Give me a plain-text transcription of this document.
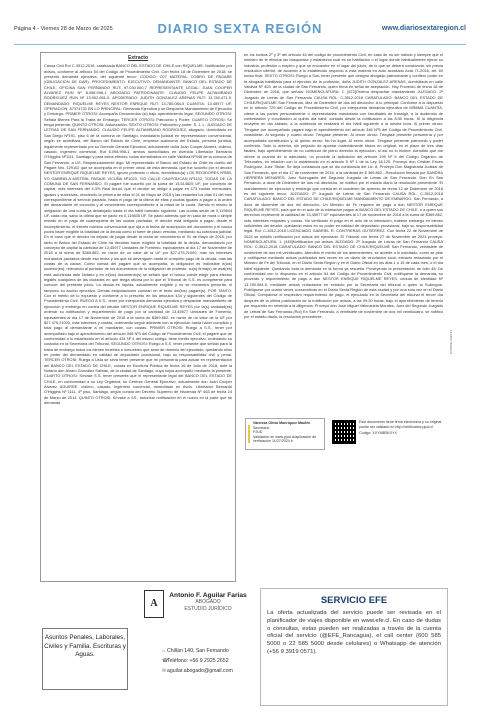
Página 4 - Viernes 28 de Marzo de 2025	DIARIO SEXTA REGIÓN	www.diariosextaregion.cl
Extracto

Causa Civil Rol C-3512-2018, caratulada BANCO DEL ESTADO DE CHILE con RIQUELME. Notificación por avisos, conforme al artículo 54 del Código de Procedimiento Civil. Con fecha 18 de Diciembre de 2018, se presentó demanda ejecutiva, del siguiente tenor: CODIGO: C07 MATERIA: COBRO DE PAGARE (OBLIGACION DE DAR). PROCEDIMIENTO: EJECUTIVO. DEMANDANTE: BANCO DEL ESTADO DE CHILE. OFICINA SAN FERNANDO RUT: 97.030.000-7 REPRESENTANTE LEGAL: JUAN COOPER ALVAREZ RUN Nº 8.098.998-1 ABOGADO PATROCINANTE: CLAUDIO FELIPE ALTAMIRANO RODRIGUEZ RUN Nº 13.902.651-0. APODERADO: JUDITH GONZALEZ ARENAS RUT: 13.780.471-9. DEMANDADO: RIQUELME REYES NESTOR ENRIQUE RUT: 13.780.084-5 CUANTIA: 13.45977 UF. OPERACION: 87374732 EN LO PRINCIPAL: Demanda Ejecutiva y se Despache Mandamiento de Ejecución y Embargo; PRIMER OTROSI: Acompaña Documentos (si) bajo apercibimiento legal; SEGUNDO OTROSI: Señala Bienes Para la Traba de Embargo; TERCER OTROSI: Patrocinio y Poder; CUARTO OTROSI: Se tenga presente; QUINTO OTROSI: Autorización. SEXTO OTROSI: Patrocinio y poder. S. J. L. JUZGADO DE LETRAS DE SAN FERNANDO. CLAUDIO FELIPE ALTAMIRANO RODRIGUEZ, abogado, domiciliado en San Diego Nº191, piso 6 de la comuna de Santiago, mandatario judicial en representación convencional, según se acreditará, del Banco del Estado de Chile, empresa autónoma del Estado, persona jurídica, legalmente representado por su Gerente General Ejecutivo, actualmente doña Juan Cooper Alvarez, chileno, casado, ingeniero comercial, Rut 8.098.998-1, ambos domiciliados en Avenida Libertador Bernardo O'Higgins Nº1111, Santiago y para estos efectos, todos domiciliados en calle Valdivia Nº446 de la comuna de San Fernando, a US. Respetuosamente digo: Mi representado el Banco del Estado de Chile es dueño del Pagaré Nro. 129102 que se acompaña en el primer otrosí de esta demanda, que fue suscrito por el deudor NESTOR ENRIQUE RIQUELME REYES, ignoro profesión u oficio, domiciliado(a) LOS REGIDORES Nº880, VO GABRIELA MISTRAL PASAJE VICUÑA Nº1020, Y/O CALLE CAUPOLICAN Nº1102, TODAS DE LA COMUNA DE SAN FERNANDO. El pagaré fue suscrito por la suma de 15,514825 UF, por concepto de capital, más intereses del 4,3% Real Anual, que el deudor se obligó a pagar en 173 cuotas mensuales, iguales y sucesivas, venciendo la primera de ellas el 01 de Mayo de 2015 y las restantes los días 01 del mes correspondiente al servicio pactado, hasta el pago de la última de ellas y cuotas iguales a pagar a la orden del demandante mi conocido y al vencimiento correspondiente a la mitad de la cuota. Siendo el mismo la obligación de una cuota ya desalojado hasta el día hábil bancario siguiente. Las cuotas serán de 0,119844 UF, cada una, salvo la última que se pactó en 0,119835 UF. Se pactó además que en caso de mora o simple retardo en el pago de cualesquiera de las cuotas pactadas, el deudor está obligado a pagar, desde el incumplimiento, el interés máximo convencional que rija a la fecha de suscripción del documento y el banco podrá hacer exigible la totalidad de la deuda como si fuere de plazo vencido, mediando su cobranza judicial. En el caso que el deudor ha dejado de pagar desde la cuota de vencimiento el 01 de Mayo de 2018, por tanto el Banco del Estado de Chile ha decidido hacer exigible la totalidad de la deuda, demandando por concepto de capital la cantidad de 13,45977 Unidades de Fomento, equivalentes al día 17 de Noviembre de 2018 a la suma de $369.862, en razón de un valor de la UF por $27.475,21000, más los intereses moratorios pactados desde esa fecha y los que se devenguen hasta el completo pago de la deuda, más las costas de la causa. Como consta del pagaré que se acompaña, la obligación es indivisible e(los) sucesor(es), relevando al portador de los documentos de la obligación de protesto, su(s) firma(s) de aval(es) está autorizada ante Notario y en el(los) documento(s) se señaló que el banco puede elegir para efectos legales cualquiera de las ciudades en que tenga oficina por lo que el Tribunal de S.S. es competente para conocer del presente juicio. La deuda es líquida, actualmente exigible y no se encuentra prescrita, ni tampoco su acción ejecutiva. Demás estipulaciones constan en el texto del(los) pagaré(s). POR TANTO: Con el mérito de lo expuesto y conforme a lo prescrito en los artículos 434 y siguientes del Código de Procedimiento Civil. RUEGO A S.S., tener por interpuesta demanda ejecutiva y despachar mandamiento de ejecución y embargo en contra del deudor NESTOR ENRIQUE RIQUELME REYES por la(s) cantidad(es) ordenar su notificación y requerimiento de pago por la cantidad de 13,45977 Unidades de Fomento, equivalentes al día 17 de Noviembre de 2018 a la suma de $369.862, en razón de un valor de la UF por $27.475,21000, más intereses y costas, ordenando seguir adelante con la ejecución hasta hacer cumplido y total pago al demandante a mi mandante, con costas. PRIMER OTROSI: Ruego a S.S., tener por acompañado bajo el apercibimiento del artículo 346 Nº3 del Código de Procedimiento Civil, el pagaré que de conformidad a lo establecido en el artículo 434 Nº 4 del mismo código; tiene mérito ejecutivo, ordenando su custodia en la Secretaría del Tribunal. SEGUNDO OTROSI: Ruego a S.S. tener presente que señalo para la traba de embargo todos los bienes muebles e inmuebles que sean de dominio del ejecutado, quedando ellos en poder del demandado en calidad de depositario provisional, bajo su responsabilidad civil y penal. TERCER OTROSI: Ruego a Usía se sirva tener presente que mi personería para actuar en representación del BANCO DEL ESTADO DE CHILE, consta en Escritura Pública de fecha 16 de Julio de 2018, ante la Notaría don Álvaro González Salinas, de la ciudad de Santiago, cuya copia acompaño mediante la presente. CUARTO OTROSI: Sírvase S.S. tener presente que el representante legal del BANCO DEL ESTADO DE CHILE, en conformidad a su Ley Orgánica, su Gerente General Ejecutivo, actualmente don Juan Cooper Álvarez AGUIRRE, chileno, casado, Ingeniero comercial, domiciliado en Avda. Libertador Bernardo O'Higgins Nº 1111, 4º piso, Santiago, según consta del Decreto Supremo de Hacienda Nº 463 de fecha 24 de Marzo de 2014. QUINTO OTROSI: Sírvase a SS., autorizar notificación en el nuevo en la parte que se demanda

en los incisos 2º y 3º del artículo 44 del código de procedimiento Civil, en caso de no ser habido y siempre que el ministro de fe efectúe las búsquedas y establezca cuál es su habitación o el lugar donde habitualmente ejerce su industria, profesión o empleo y que se encuentre en el lugar del juicio; de lo que se deberá constancia, sin previa resolución ulterior, de acuerdo a lo establecido respecto a esta materia en auto acordado Acta 71-2016, art. 60 inciso final. SEXTO OTROSI: Ruego a Sus, tener presente que designo abogado patrocinante y confiero poder en la abogada habilitada para el ejercicio de la profesión, doña JUDITH GONZALEZ ARENAS, domiciliada en calle Valdivia Nº 403, de la ciudad de San Fernando, quien firma en señal de aceptación. Hay Proveído de fecha 18 de Diciembre de 2018, que señala: NOMENCLATURA: 1. [672]Ordena despachar mandamiento JUZGADO: 2º Juzgado de Letras de San Fernando CAUSA ROL: C-3512-2018 CARATULADO: BANCO DEL ESTADO DE CHILE/RIQUELME San Fernando, diez de Diciembre de dos mil dieciocho. A lo principal: Conforme a lo dispuesto en el artículo 729 del Código de Procedimiento Civil, por interpuesta demanda ejecutiva de MÍNIMA CUANTÍA, citese a las partes personalmente o representadas mandatario con facultades de transigir, a la audiencia de contestación y conciliación al quinto día hábil, contado desde la notificación a las 8:30 horas. Si la diligencia recayere en día sábado, a la audiencia se realizará el día hábil siguiente a la misma hora. Al primer otrosí: Téngase por acompañado pagaré bajo el apercibimiento del artículo 346 Nº3 del Código de Procedimiento Civil, custódiese. Al segundo y cuarto otrosí: Téngase presente. Al tercer otrosí: Téngase presente personería y por acompañada constitución y, Al quinto otrosí: No ha lugar. Al sexto otrosí: Téngase presente patrocinio y poder conferido. Todo lo anterior, sin perjuicio de apuntar materialmente títulos en original, en el plazo de tres días fatales, bajo apercibimiento de no continuar de pleno derecho la ejecución, si así no lo hiciere. Atendido que me ofrece la cuantía de lo adeudado, no procede la aplicación del artículo 199 Nº 5 del Código Orgánico de Tribunales, en relación con lo establecido en el artículo 5 Nº 1 de la Ley 18.120. Proveyó don Cristian Erices Rodríguez, Juez Titular. Se deja constancia que se dio constancia del Lic. 8, Proveyó Don Magistrada Judicial de San Fernando, que el día 17 de noviembre de 2018, a la cantidad de $ 369.862.- Resolución firmada por SANDRA HERRERA MENARES, Juez Subrogante del Segundo Juzgado de Letras de San Fernando. Don En San Fernando, a doce de Diciembre de dos mil dieciocho, se notificó por el estado diario la resolución precedente. El mandamiento de ejecución y embargo que consta en el cuaderno de apremio de fecha 12 de Diciembre de 2018 es del siguiente tenor: JUZGADO: 2º Juzgado de Letras de San Fernando CAUSA ROL: C-3512-2018 CARATULADO: BANCO DEL ESTADO DE CHILE/RIQUELME MANDAMIENTO DE EMBARGO. San Fernando, a doce de diciembre de dos mil dieciocho. Un Ministro de Fe requiera de pago a don NESTOR ENRIQUE RIQUELME REYES, para que en el acto de la intimación pague al BANCO DEL ESTADO DE CHILE, o a quien sus derechos represente la cantidad de 13,45977 UF equivalentes al 17 de noviembre de 2018 a la suma de $369.862, más intereses reajustes y costas. No verificado el pago en el acto de la intimación, trábese embargo en bienes suficientes del deudor, quedando estos en su poder en calidad de depositario provisional, bajo su responsabilidad legal. Rol: C-3512-2018 LICENCIADO GABRIEL R. CONTRERAS GUTIÉRREZ. Con fecha 22 de Noviembre de 2024 se solicitó notificación por avisos del ejecutado. El Tribunal con fecha 27 de Noviembre de 2024 proveyó: NOMENCLATURA: 1. [445]Notificación por avisos JUZGADO: 2º Juzgado de Letras de San Fernando CAUSA ROL: C-3512-2018 CARATULADO: BANCO DEL ESTADO DE CHILE/RIQUELME San Fernando, veintisiete de noviembre de dos mil veinticuatro. Atendido el mérito de los antecedentes, se accede a lo solicitado, como se pide y notifíquese mediante avisos publicados tres veces en un diario de circulación local, extracto redactado por el Ministro de Fe del Tribunal, en el Diario Sexta Región y en el Diario Oficial en los días 1 o 15 de cada mes, o el día hábil siguiente. Quedando toda la demanda en la forma ya resuelta. Proveyendo la presentación de folio 48: De conformidad con lo dispuesto en el artículo 54 del Código de Procedimiento Civil, notifíquese la demanda, su proveído y requerimiento de pago a don NESTOR ENRIQUE RIQUELME REYES, cédula de identidad Nº 13.780.084-5, mediante avisos redactados en extracto por la Secretaria del tribunal o quien la Subrogue. Publíquese por cuatro veces consecutivas en el Diario Sexta Región de esta ciudad y por una sola vez en el Diario Oficial. Compárese el respectivo requerimiento de pago, el ejecutado en la Secretaría del tribunal el tercer día después de la última publicación de la notificación por avisos, a las 09:30 horas, bajo el apercibimiento de tenerlo por requerido en rebeldía a la diligencia. Proveyó don José Miguel Valenzuela Morales, Juez del Segundo Juzgado de Letras de San Fernando.(Rol) En San Fernando, a veintisiete de noviembre de dos mil veinticuatro, se notificó por el estado diario, la resolución precedente.

1234567 8901234
Vanessa Olivia Manríquez Maulén
Secretario
PJUD
Validación en www.pjud.cl/aplicacion de verificación 11/27/2024 h
Este documento tiene firma electrónica y su original puede ser validado en http://verificadoc.pjud.cl
Código: XXYMBSKXYX
Asuntos Penales, Laborales, Civiles y Familia. Escrituras y Aguas.
A
Antonio F. Aguilar Farías
ABOGADO
ESTUDIO JURÍDICO
⌂ Chillán 140, San Fernando
☎Teléfono: +56 9 2925 2652
✉aguilar.abogado@gmail.com
SERVICIO EFE
La oferta actualizada del servicio puede ser revisada en el planificador de viajes disponible en www.efe.cl. En caso de dudas o consultas, estas pueden ser realizadas a través de la cuenta oficial del servicio (@EFE_Rancagua), el call center (600 585 5000 o 22 585 5000 desde celulares) o Whatsapp de atención (+56 9 3919 0571).
